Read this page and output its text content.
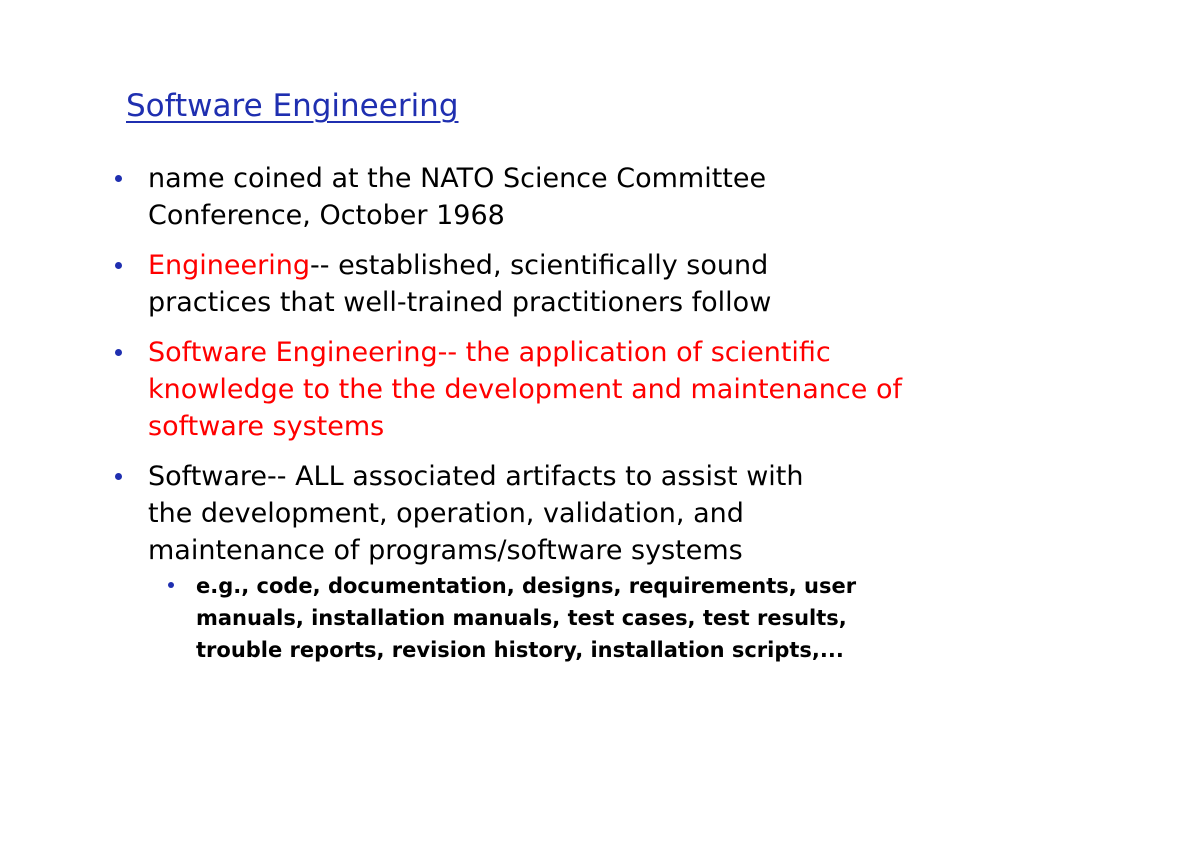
Software Engineering
name coined at the NATO Science Committee
Conference, October 1968
Engineering-- established, scientifically sound
practices that well-trained practitioners follow
Software Engineering-- the application of scientific
knowledge to the the development and maintenance of
software systems
Software-- ALL associated artifacts to assist with
the development, operation, validation, and
maintenance of programs/software systems
e.g., code, documentation, designs, requirements, user
manuals, installation manuals, test cases, test results,
trouble reports, revision history, installation scripts,...
